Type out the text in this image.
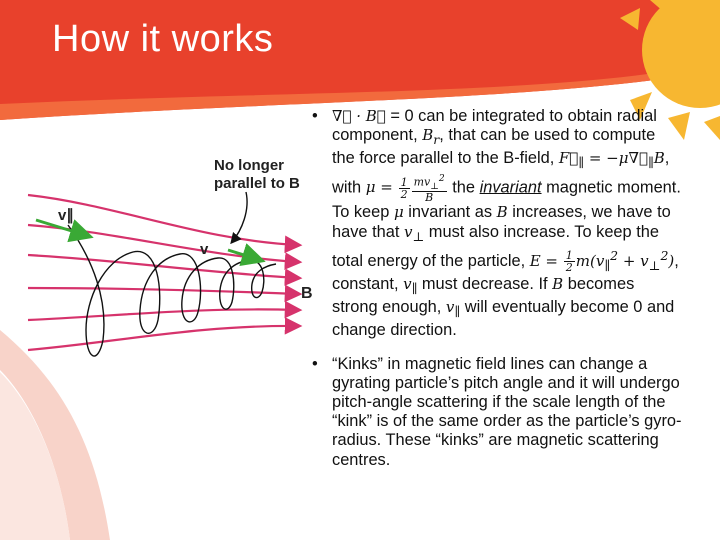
How it works
No longer
parallel to B
v∥
v
B
• ∇⃗ · B⃗ = 0 can be integrated to obtain radial component, $B_r$, that can be used to compute the force parallel to the B-field, $F⃗_\parallel$ = $-\mu\nabla⃗_\parallel B$, with $\mu = \frac{1}{2} \frac{mv_\perp^2}{B}$ the invariant magnetic moment. To keep μ invariant as B increases, we have to have that $v_\perp$ must also increase. To keep the total energy of the particle, $E = \frac{1}{2} m(v_\parallel^2 + v_\perp^2)$, constant, $v_\parallel$ must decrease. If B becomes strong enough, $v_\parallel$ will eventually become 0 and change direction.
• “Kinks” in magnetic field lines can change a gyrating particle’s pitch angle and it will undergo pitch-angle scattering if the scale length of the “kink” is of the same order as the particle’s gyro-radius. These “kinks” are magnetic scattering centres.
